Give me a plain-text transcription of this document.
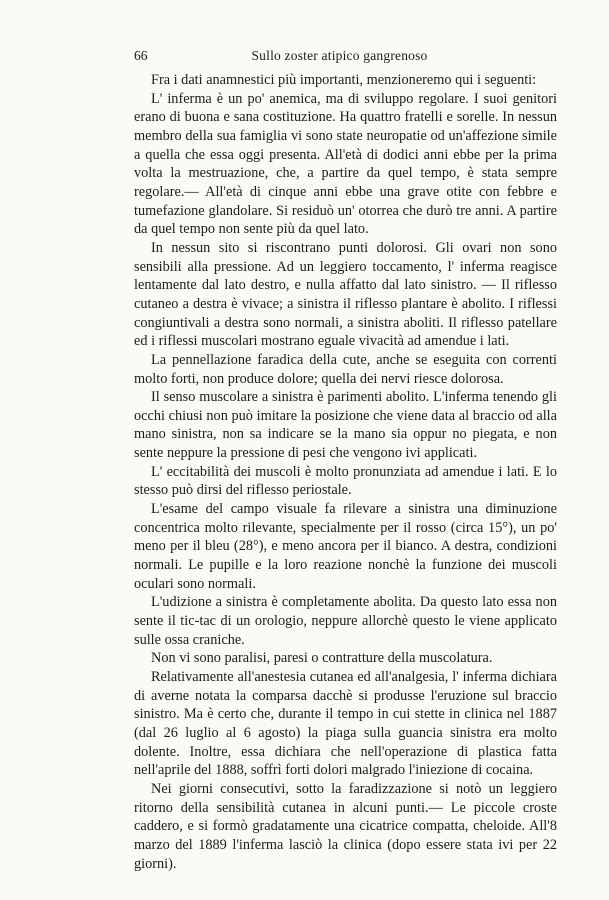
66	Sullo zoster atipico gangrenoso

Fra i dati anamnestici più importanti, menzioneremo qui i seguenti:

L' inferma è un po' anemica, ma di sviluppo regolare. I suoi genitori erano di buona e sana costituzione. Ha quattro fratelli e sorelle. In nessun membro della sua famiglia vi sono state neuropatie od un'affezione simile a quella che essa oggi presenta. All'età di dodici anni ebbe per la prima volta la mestruazione, che, a partire da quel tempo, è stata sempre regolare.— All'età di cinque anni ebbe una grave otite con febbre e tumefazione glandolare. Si residuò un' otorrea che durò tre anni. A partire da quel tempo non sente più da quel lato.

In nessun sito si riscontrano punti dolorosi. Gli ovari non sono sensibili alla pressione. Ad un leggiero toccamento, l' inferma reagisce lentamente dal lato destro, e nulla affatto dal lato sinistro. — Il riflesso cutaneo a destra è vivace; a sinistra il riflesso plantare è abolito. I riflessi congiuntivali a destra sono normali, a sinistra aboliti. Il riflesso patellare ed i riflessi muscolari mostrano eguale vivacità ad amendue i lati.

La pennellazione faradica della cute, anche se eseguita con correnti molto forti, non produce dolore; quella dei nervi riesce dolorosa.

Il senso muscolare a sinistra è parimenti abolito. L'inferma tenendo gli occhi chiusi non può imitare la posizione che viene data al braccio od alla mano sinistra, non sa indicare se la mano sia oppur no piegata, e non sente neppure la pressione di pesi che vengono ivi applicati.

L' eccitabilità dei muscoli è molto pronunziata ad amendue i lati. E lo stesso può dirsi del riflesso periostale.

L'esame del campo visuale fa rilevare a sinistra una diminuzione concentrica molto rilevante, specialmente per il rosso (circa 15°), un po' meno per il bleu (28°), e meno ancora per il bianco. A destra, condizioni normali. Le pupille e la loro reazione nonchè la funzione dei muscoli oculari sono normali.

L'udizione a sinistra è completamente abolita. Da questo lato essa non sente il tic-tac di un orologio, neppure allorchè questo le viene applicato sulle ossa craniche.

Non vi sono paralisi, paresi o contratture della muscolatura.

Relativamente all'anestesia cutanea ed all'analgesia, l' inferma dichiara di averne notata la comparsa dacchè si produsse l'eruzione sul braccio sinistro. Ma è certo che, durante il tempo in cui stette in clinica nel 1887 (dal 26 luglio al 6 agosto) la piaga sulla guancia sinistra era molto dolente. Inoltre, essa dichiara che nell'operazione di plastica fatta nell'aprile del 1888, soffrì forti dolori malgrado l'iniezione di cocaina.

Nei giorni consecutivi, sotto la faradizzazione si notò un leggiero ritorno della sensibilità cutanea in alcuni punti.— Le piccole croste caddero, e si formò gradatamente una cicatrice compatta, cheloide. All'8 marzo del 1889 l'inferma lasciò la clinica (dopo essere stata ivi per 22 giorni).
